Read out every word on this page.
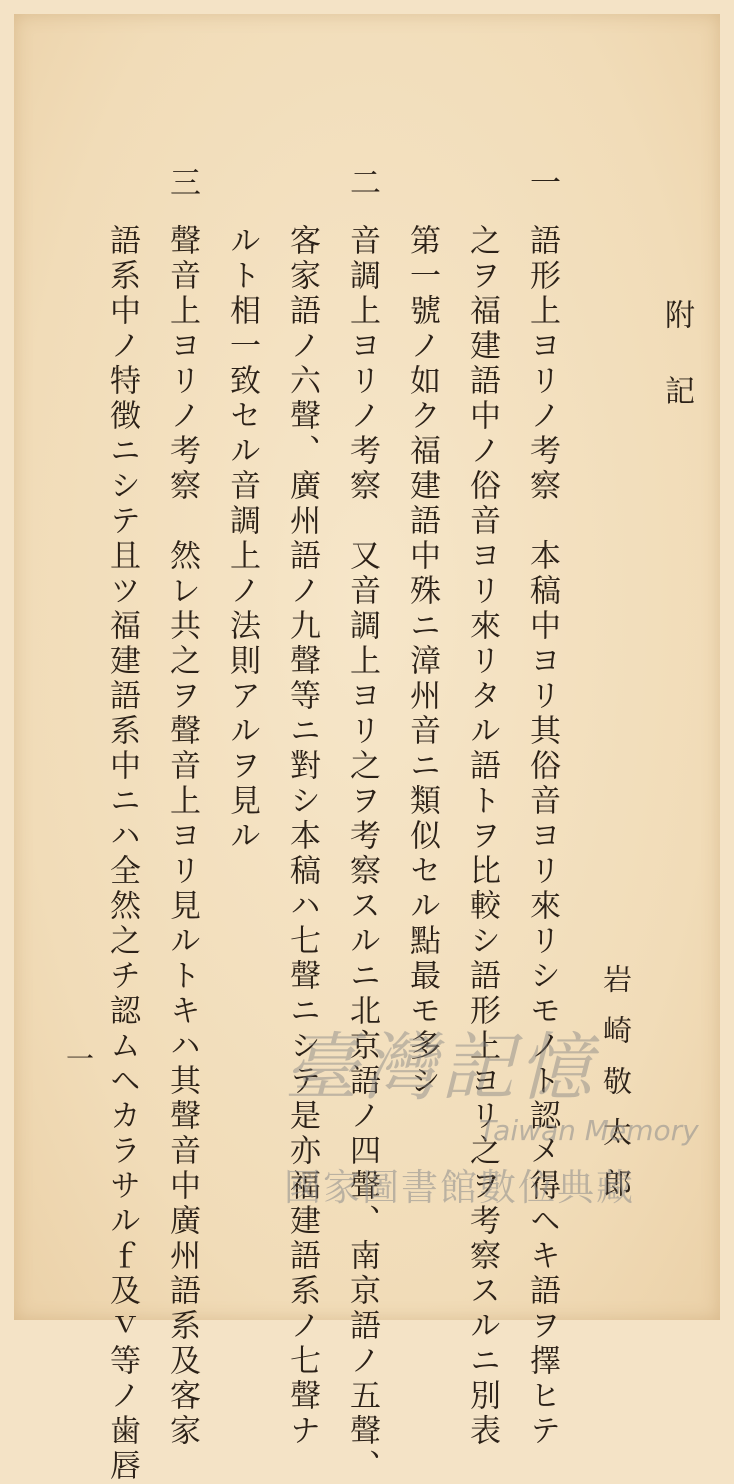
附記
岩崎敬太郎
一
語形上ヨリノ考察　本稿中ヨリ其俗音ヨリ來リシモノト認メ得ヘキ語ヲ擇ヒテ
之ヲ福建語中ノ俗音ヨリ來リタル語トヲ比較シ語形上ヨリ之ヲ考察スルニ別表
第一號ノ如ク福建語中殊ニ漳州音ニ類似セル點最モ多シ
二
音調上ヨリノ考察　又音調上ヨリ之ヲ考察スルニ北京語ノ四聲、南京語ノ五聲、
客家語ノ六聲、廣州語ノ九聲等ニ對シ本稿ハ七聲ニシテ是亦福建語系ノ七聲ナ
ルト相一致セル音調上ノ法則アルヲ見ル
三
聲音上ヨリノ考察　然レ共之ヲ聲音上ヨリ見ルトキハ其聲音中廣州語系及客家
語系中ノ特徴ニシテ且ツ福建語系中ニハ全然之チ認ムヘカラサルｆ及ｖ等ノ歯唇
一	臺灣記憶
Taiwan Memory
國家圖書館數位典藏
